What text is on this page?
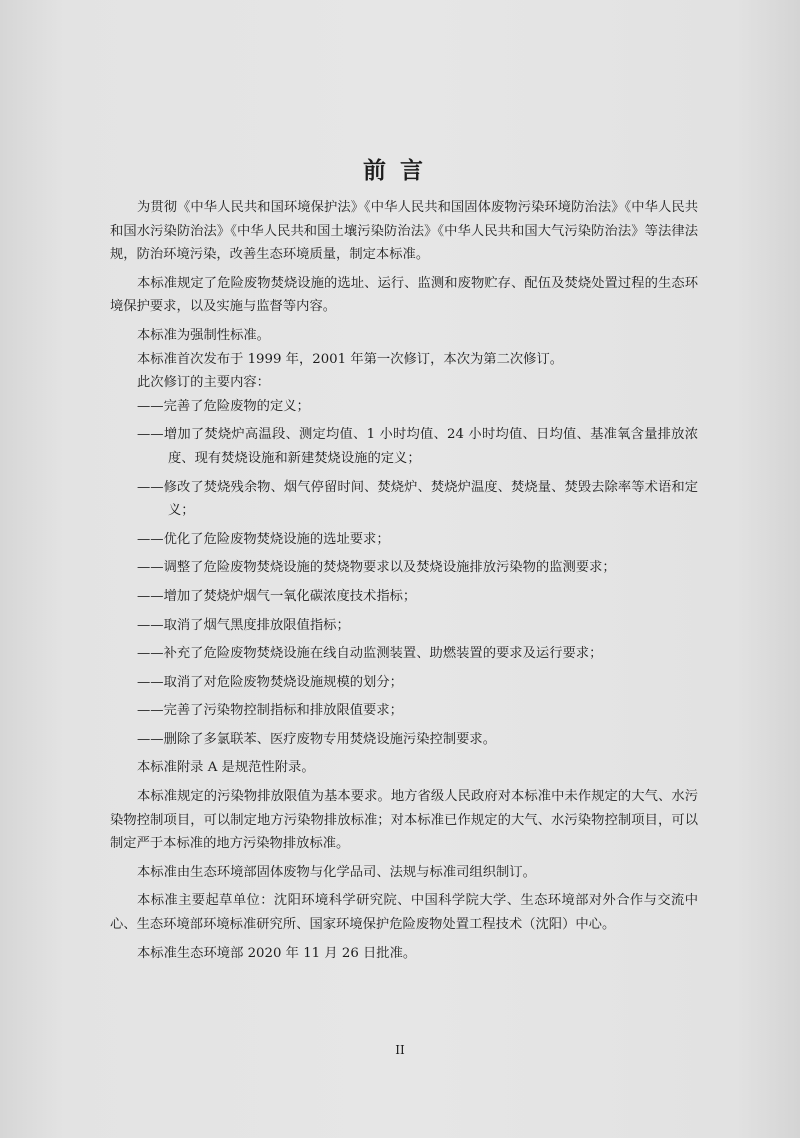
前言

为贯彻《中华人民共和国环境保护法》《中华人民共和国固体废物污染环境防治法》《中华人民共和国水污染防治法》《中华人民共和国土壤污染防治法》《中华人民共和国大气污染防治法》等法律法规，防治环境污染，改善生态环境质量，制定本标准。

本标准规定了危险废物焚烧设施的选址、运行、监测和废物贮存、配伍及焚烧处置过程的生态环境保护要求，以及实施与监督等内容。

本标准为强制性标准。

本标准首次发布于 1999 年，2001 年第一次修订，本次为第二次修订。

此次修订的主要内容：

——完善了危险废物的定义；

——增加了焚烧炉高温段、测定均值、1 小时均值、24 小时均值、日均值、基准氧含量排放浓度、现有焚烧设施和新建焚烧设施的定义；

——修改了焚烧残余物、烟气停留时间、焚烧炉、焚烧炉温度、焚烧量、焚毁去除率等术语和定义；

——优化了危险废物焚烧设施的选址要求；

——调整了危险废物焚烧设施的焚烧物要求以及焚烧设施排放污染物的监测要求；

——增加了焚烧炉烟气一氧化碳浓度技术指标；

——取消了烟气黑度排放限值指标；

——补充了危险废物焚烧设施在线自动监测装置、助燃装置的要求及运行要求；

——取消了对危险废物焚烧设施规模的划分；

——完善了污染物控制指标和排放限值要求；

——删除了多氯联苯、医疗废物专用焚烧设施污染控制要求。

本标准附录 A 是规范性附录。

本标准规定的污染物排放限值为基本要求。地方省级人民政府对本标准中未作规定的大气、水污染物控制项目，可以制定地方污染物排放标准；对本标准已作规定的大气、水污染物控制项目，可以制定严于本标准的地方污染物排放标准。

本标准由生态环境部固体废物与化学品司、法规与标准司组织制订。

本标准主要起草单位：沈阳环境科学研究院、中国科学院大学、生态环境部对外合作与交流中心、生态环境部环境标准研究所、国家环境保护危险废物处置工程技术（沈阳）中心。

本标准生态环境部 2020 年 11 月 26 日批准。

II
